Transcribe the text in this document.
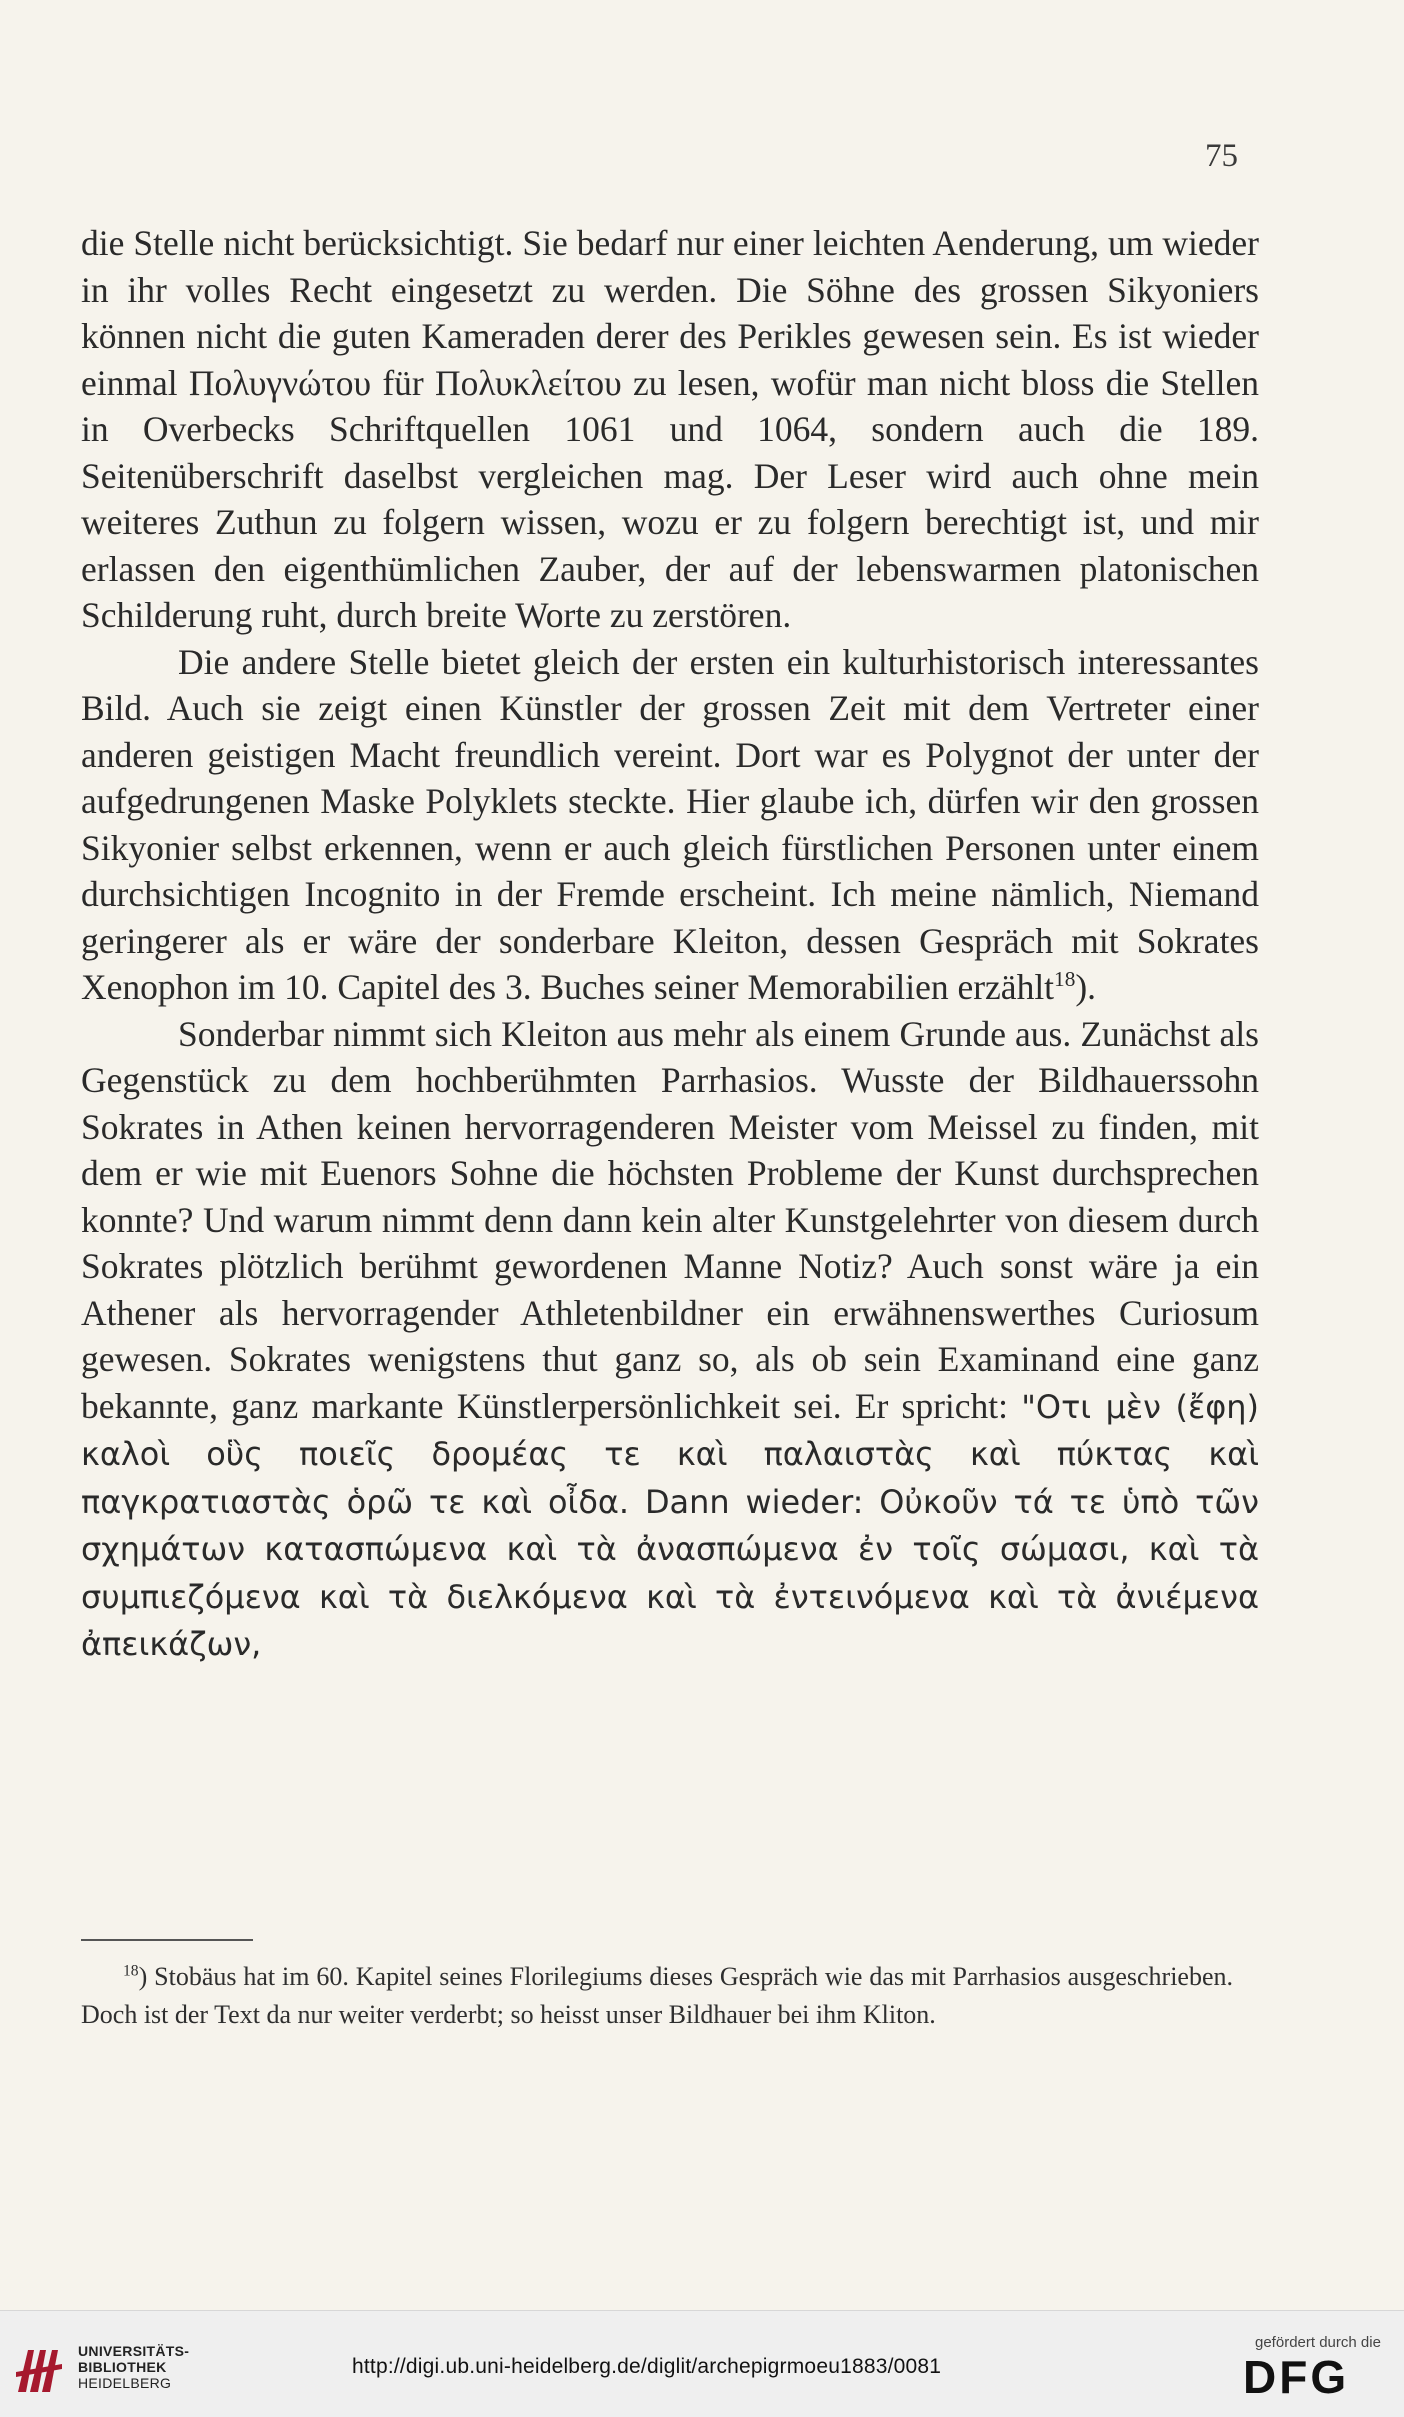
75

die Stelle nicht berücksichtigt. Sie bedarf nur einer leichten Aenderung, um wieder in ihr volles Recht eingesetzt zu werden. Die Söhne des grossen Sikyoniers können nicht die guten Kameraden derer des Perikles gewesen sein. Es ist wieder einmal Πολυγνώτου für Πολυκλείτου zu lesen, wofür man nicht bloss die Stellen in Overbecks Schriftquellen 1061 und 1064, sondern auch die 189. Seitenüberschrift daselbst vergleichen mag. Der Leser wird auch ohne mein weiteres Zuthun zu folgern wissen, wozu er zu folgern berechtigt ist, und mir erlassen den eigenthümlichen Zauber, der auf der lebenswarmen platonischen Schilderung ruht, durch breite Worte zu zerstören.

Die andere Stelle bietet gleich der ersten ein kulturhistorisch interessantes Bild. Auch sie zeigt einen Künstler der grossen Zeit mit dem Vertreter einer anderen geistigen Macht freundlich vereint. Dort war es Polygnot der unter der aufgedrungenen Maske Polyklets steckte. Hier glaube ich, dürfen wir den grossen Sikyonier selbst erkennen, wenn er auch gleich fürstlichen Personen unter einem durchsichtigen Incognito in der Fremde erscheint. Ich meine nämlich, Niemand geringerer als er wäre der sonderbare Kleiton, dessen Gespräch mit Sokrates Xenophon im 10. Capitel des 3. Buches seiner Memorabilien erzählt$^{18}$).

Sonderbar nimmt sich Kleiton aus mehr als einem Grunde aus. Zunächst als Gegenstück zu dem hochberühmten Parrhasios. Wusste der Bildhauerssohn Sokrates in Athen keinen hervorragenderen Meister vom Meissel zu finden, mit dem er wie mit Euenors Sohne die höchsten Probleme der Kunst durchsprechen konnte? Und warum nimmt denn dann kein alter Kunstgelehrter von diesem durch Sokrates plötzlich berühmt gewordenen Manne Notiz? Auch sonst wäre ja ein Athener als hervorragender Athletenbildner ein erwähnenswerthes Curiosum gewesen. Sokrates wenigstens thut ganz so, als ob sein Examinand eine ganz bekannte, ganz markante Künstlerpersönlichkeit sei. Er spricht: "Οτι μὲν (ἔφη) καλοὶ οὓς ποιεῖς δρομέας τε καὶ παλαιστὰς καὶ πύκτας καὶ παγκρατιαστὰς ὁρῶ τε καὶ οἶδα. Dann wieder: Οὐκοῦν τά τε ὑπὸ τῶν σχημάτων κατασπώμενα καὶ τὰ ἀνασπώμενα ἐν τοῖς σώμασι, καὶ τὰ συμπιεζόμενα καὶ τὰ διελκόμενα καὶ τὰ ἐντεινόμενα καὶ τὰ ἀνιέμενα ἀπεικάζων,

$^{18}$) Stobäus hat im 60. Kapitel seines Florilegiums dieses Gespräch wie das mit Parrhasios ausgeschrieben. Doch ist der Text da nur weiter verderbt; so heisst unser Bildhauer bei ihm Kliton.

UNIVERSITÄTS-
BIBLIOTHEK
HEIDELBERG
http://digi.ub.uni-heidelberg.de/diglit/archepigrmoeu1883/0081
gefördert durch die
DFG
